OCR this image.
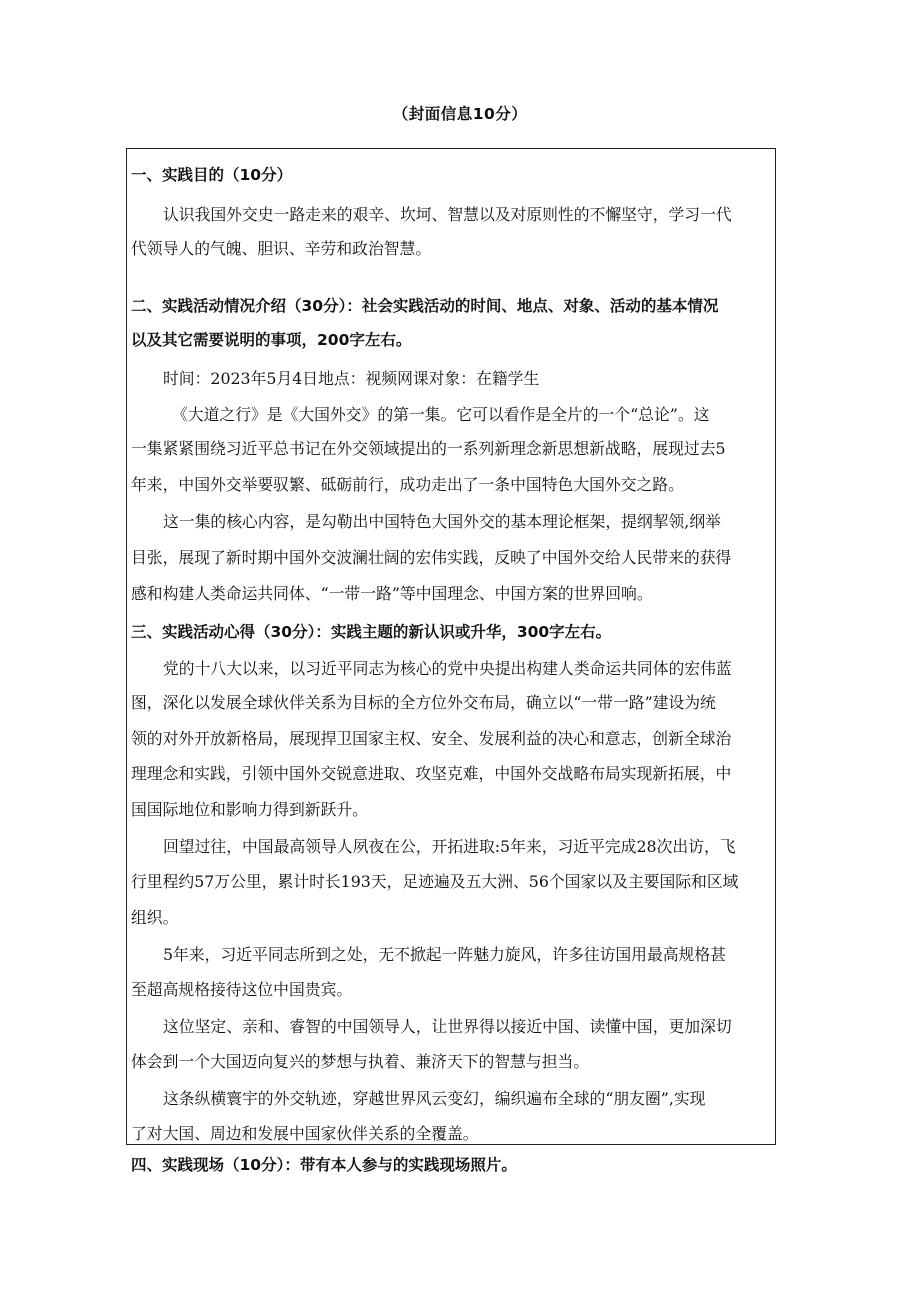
（封面信息10分）
一、实践目的（10分）
认识我国外交史一路走来的艰辛、坎坷、智慧以及对原则性的不懈坚守，学习一代
代领导人的气魄、胆识、辛劳和政治智慧。
二、实践活动情况介绍（30分）：社会实践活动的时间、地点、对象、活动的基本情况
以及其它需要说明的事项，200字左右。
时间：2023年5月4日地点：视频网课对象：在籍学生
《大道之行》是《大国外交》的第一集。它可以看作是全片的一个“总论”。这
一集紧紧围绕习近平总书记在外交领域提出的一系列新理念新思想新战略，展现过去5
年来，中国外交举要驭繁、砥砺前行，成功走出了一条中国特色大国外交之路。
这一集的核心内容，是勾勒出中国特色大国外交的基本理论框架，提纲挈领,纲举
目张，展现了新时期中国外交波澜壮阔的宏伟实践，反映了中国外交给人民带来的获得
感和构建人类命运共同体、“一带一路”等中国理念、中国方案的世界回响。
三、实践活动心得（30分）：实践主题的新认识或升华，300字左右。
党的十八大以来，以习近平同志为核心的党中央提出构建人类命运共同体的宏伟蓝
图，深化以发展全球伙伴关系为目标的全方位外交布局，确立以“一带一路”建设为统
领的对外开放新格局，展现捍卫国家主权、安全、发展利益的决心和意志，创新全球治
理理念和实践，引领中国外交锐意进取、攻坚克难，中国外交战略布局实现新拓展，中
国国际地位和影响力得到新跃升。
回望过往，中国最高领导人夙夜在公，开拓进取:5年来，习近平完成28次出访，飞
行里程约57万公里，累计时长193天，足迹遍及五大洲、56个国家以及主要国际和区域
组织。
5年来，习近平同志所到之处，无不掀起一阵魅力旋风，许多往访国用最高规格甚
至超高规格接待这位中国贵宾。
这位坚定、亲和、睿智的中国领导人，让世界得以接近中国、读懂中国，更加深切
体会到一个大国迈向复兴的梦想与执着、兼济天下的智慧与担当。
这条纵横寰宇的外交轨迹，穿越世界风云变幻，编织遍布全球的“朋友圈”,实现
了对大国、周边和发展中国家伙伴关系的全覆盖。
四、实践现场（10分）：带有本人参与的实践现场照片。
